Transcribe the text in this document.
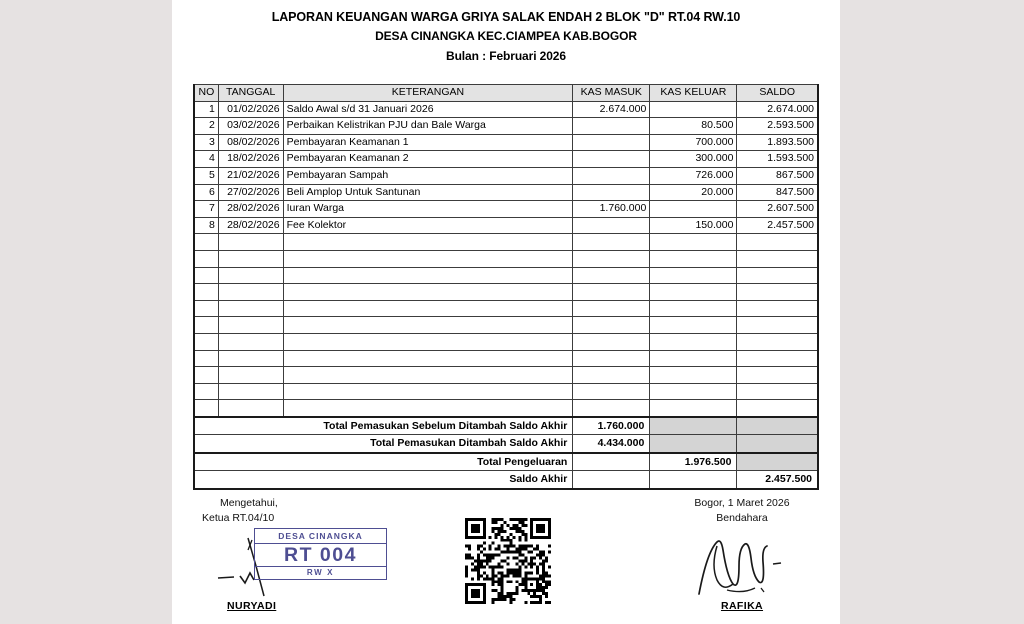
LAPORAN KEUANGAN WARGA GRIYA SALAK ENDAH 2 BLOK "D" RT.04 RW.10
DESA CINANGKA KEC.CIAMPEA KAB.BOGOR
Bulan : Februari 2026
NO	TANGGAL	KETERANGAN	KAS MASUK	KAS KELUAR	SALDO
1	01/02/2026	Saldo Awal s/d 31 Januari 2026	2.674.000		2.674.000
2	03/02/2026	Perbaikan Kelistrikan PJU dan Bale Warga		80.500	2.593.500
3	08/02/2026	Pembayaran Keamanan 1		700.000	1.893.500
4	18/02/2026	Pembayaran Keamanan 2		300.000	1.593.500
5	21/02/2026	Pembayaran Sampah		726.000	867.500
6	27/02/2026	Beli Amplop Untuk Santunan		20.000	847.500
7	28/02/2026	Iuran Warga	1.760.000		2.607.500
8	28/02/2026	Fee Kolektor		150.000	2.457.500

Total Pemasukan Sebelum Ditambah Saldo Akhir			1.760.000		
Total Pemasukan Ditambah Saldo Akhir			4.434.000		
Total Pengeluaran				1.976.500	
Saldo Akhir					2.457.500
Mengetahui,
Ketua RT.04/10
DESA CINANGKA
RT 004
RW X
NURYADI
Bogor, 1 Maret 2026
Bendahara
RAFIKA
